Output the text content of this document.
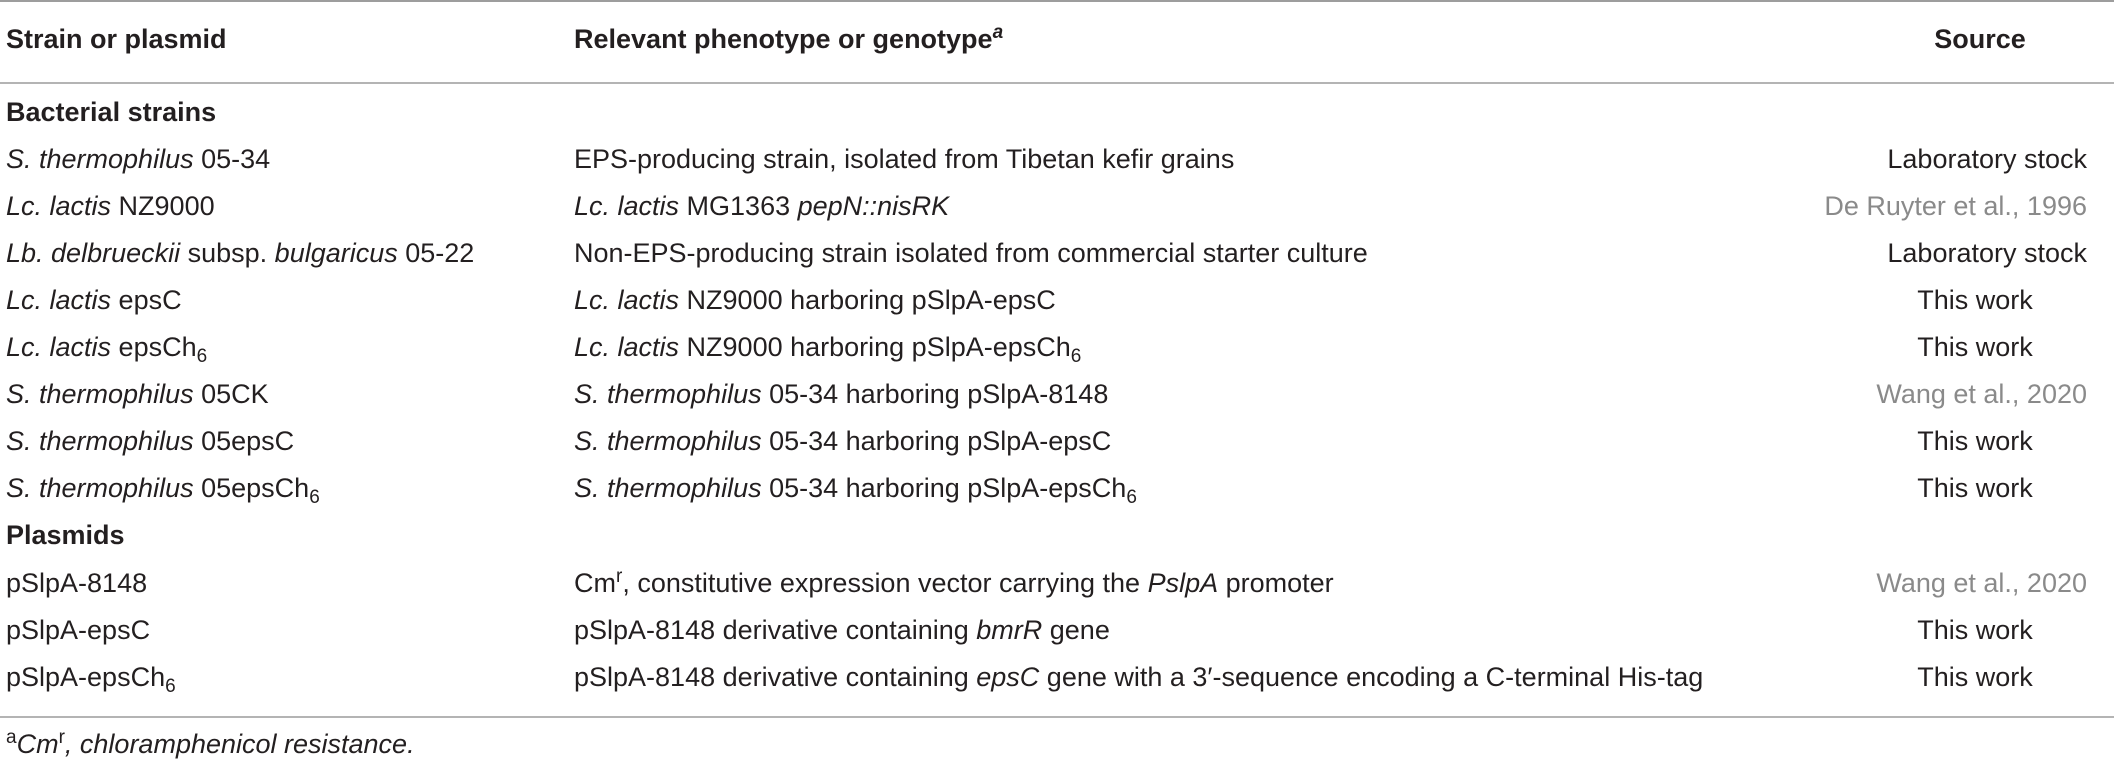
Strain or plasmid	Relevant phenotype or genotype$^a$	Source
Bacterial strains
S. thermophilus 05-34	EPS-producing strain, isolated from Tibetan kefir grains	Laboratory stock
Lc. lactis NZ9000	Lc. lactis MG1363 pepN::nisRK	De Ruyter et al., 1996
Lb. delbrueckii subsp. bulgaricus 05-22	Non-EPS-producing strain isolated from commercial starter culture	Laboratory stock
Lc. lactis epsC	Lc. lactis NZ9000 harboring pSlpA-epsC	This work
Lc. lactis epsCh$_6$	Lc. lactis NZ9000 harboring pSlpA-epsCh$_6$	This work
S. thermophilus 05CK	S. thermophilus 05-34 harboring pSlpA-8148	Wang et al., 2020
S. thermophilus 05epsC	S. thermophilus 05-34 harboring pSlpA-epsC	This work
S. thermophilus 05epsCh$_6$	S. thermophilus 05-34 harboring pSlpA-epsCh$_6$	This work
Plasmids
pSlpA-8148	Cm$^r$, constitutive expression vector carrying the PslpA promoter	Wang et al., 2020
pSlpA-epsC	pSlpA-8148 derivative containing bmrR gene	This work
pSlpA-epsCh$_6$	pSlpA-8148 derivative containing epsC gene with a 3′-sequence encoding a C-terminal His-tag	This work
$^a$Cm$^r$, chloramphenicol resistance.
